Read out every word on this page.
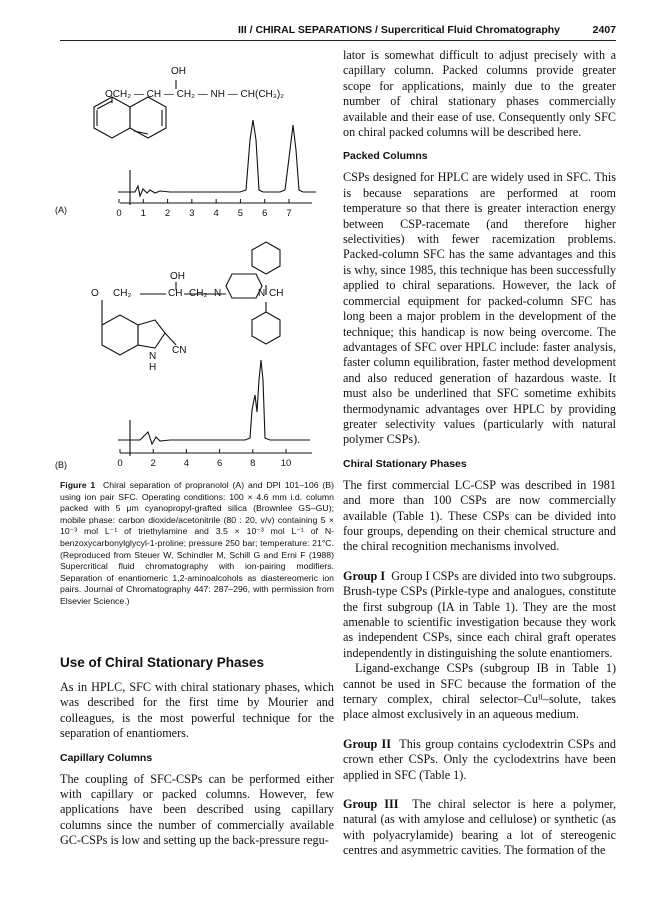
III / CHIRAL SEPARATIONS / Supercritical Fluid Chromatography	2407
0 1 2 3 4 5 6 7
0	2	4	6	8	10
OH
OCH₂ — CH — CH₂ — NH — CH(CH₃)₂
(A)
OH
O CH₂	CH CH₂ N	N CH
CN
N
H
(B)

Figure 1 Chiral separation of propranolol (A) and DPI 101–106 (B) using ion pair SFC. Operating conditions: 100 × 4.6 mm i.d. column packed with 5 μm cyanopropyl-grafted silica (Brownlee GS–GU); mobile phase: carbon dioxide/acetonitrile (80 : 20, v/v) containing 5 × 10⁻³ mol L⁻¹ of triethylamine and 3.5 × 10⁻³ mol L⁻¹ of N-benzoxycarbonylglycyl-1-proline; pressure 250 bar; temperature: 21°C. (Reproduced from Steuer W, Schindler M, Schill G and Erni F (1988) Supercritical fluid chromatography with ion-pairing modifiers. Separation of enantiomeric 1,2-aminoalcohols as diastereomeric ion pairs. Journal of Chromatography 447: 287–296, with permission from Elsevier Science.)

Use of Chiral Stationary Phases

As in HPLC, SFC with chiral stationary phases, which was described for the first time by Mourier and colleagues, is the most powerful technique for the separation of enantiomers.

Capillary Columns

The coupling of SFC-CSPs can be performed either with capillary or packed columns. However, few applications have been described using capillary columns since the number of commercially available GC-CSPs is low and setting up the back-pressure regu-

lator is somewhat difficult to adjust precisely with a capillary column. Packed columns provide greater scope for applications, mainly due to the greater number of chiral stationary phases commercially available and their ease of use. Consequently only SFC on chiral packed columns will be described here.

Packed Columns

CSPs designed for HPLC are widely used in SFC. This is because separations are performed at room temperature so that there is greater interaction energy between CSP-racemate (and therefore higher selectivities) with fewer racemization problems. Packed-column SFC has the same advantages and this is why, since 1985, this technique has been successfully applied to chiral separations. However, the lack of commercial equipment for packed-column SFC has long been a major problem in the development of the technique; this handicap is now being overcome. The advantages of SFC over HPLC include: faster analysis, faster column equilibration, faster method development and also reduced generation of hazardous waste. It must also be underlined that SFC sometime exhibits thermodynamic advantages over HPLC by providing greater selectivity values (particularly with natural polymer CSPs).

Chiral Stationary Phases

The first commercial LC-CSP was described in 1981 and more than 100 CSPs are now commercially available (Table 1). These CSPs can be divided into four groups, depending on their chemical structure and the chiral recognition mechanisms involved.

Group I Group I CSPs are divided into two subgroups. Brush-type CSPs (Pirkle-type and analogues, constitute the first subgroup (IA in Table 1). They are the most amenable to scientific investigation because they work as independent CSPs, since each chiral graft operates independently in distinguishing the solute enantiomers.

Ligand-exchange CSPs (subgroup IB in Table 1) cannot be used in SFC because the formation of the ternary complex, chiral selector–Cuᴵᴵ–solute, takes place almost exclusively in an aqueous medium.

Group II This group contains cyclodextrin CSPs and crown ether CSPs. Only the cyclodextrins have been applied in SFC (Table 1).

Group III The chiral selector is here a polymer, natural (as with amylose and cellulose) or synthetic (as with polyacrylamide) bearing a lot of stereogenic centres and asymmetric cavities. The formation of the
